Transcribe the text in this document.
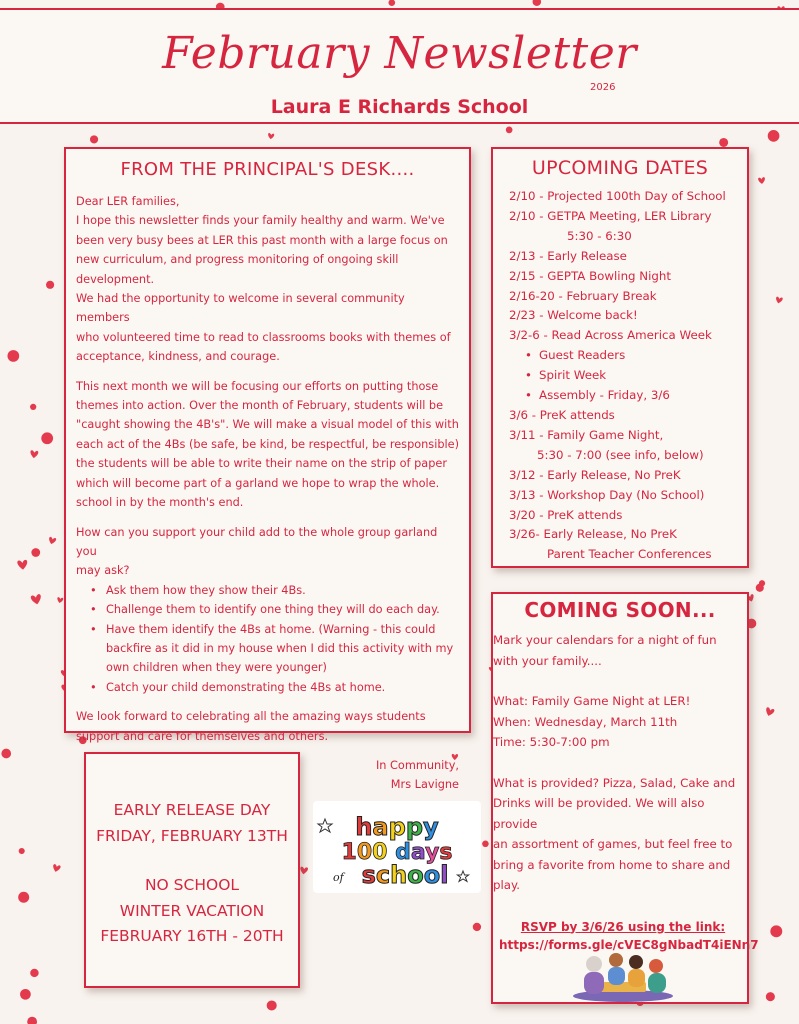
February Newsletter
2026
Laura E Richards School
FROM THE PRINCIPAL'S DESK....
Dear LER families,

I hope this newsletter finds your family healthy and warm. We've
been very busy bees at LER this past month with a large focus on
new curriculum, and progress monitoring of ongoing skill development.
We had the opportunity to welcome in several community members
who volunteered time to read to classrooms books with themes of
acceptance, kindness, and courage.

This next month we will be focusing our efforts on putting those
themes into action. Over the month of February, students will be
"caught showing the 4B's". We will make a visual model of this with
each act of the 4Bs (be safe, be kind, be respectful, be responsible)
the students will be able to write their name on the strip of paper
which will become part of a garland we hope to wrap the whole.
school in by the month's end.

How can you support your child add to the whole group garland you
may ask?
• Ask them how they show their 4Bs.
• Challenge them to identify one thing they will do each day.
• Have them identify the 4Bs at home. (Warning - this could
backfire as it did in my house when I did this activity with my
own children when they were younger)
• Catch your child demonstrating the 4Bs at home.

We look forward to celebrating all the amazing ways students
support and care for themselves and others.

In Community,
Mrs Lavigne
UPCOMING DATES
2/10 - Projected 100th Day of School
2/10 - GETPA Meeting, LER Library
5:30 - 6:30
2/13 - Early Release
2/15 - GEPTA Bowling Night
2/16-20 - February Break
2/23 - Welcome back!
3/2-6 - Read Across America Week
• Guest Readers
• Spirit Week
• Assembly - Friday, 3/6
3/6 - PreK attends
3/11 - Family Game Night,
5:30 - 7:00 (see info, below)
3/12 - Early Release, No PreK
3/13 - Workshop Day (No School)
3/20 - PreK attends
3/26- Early Release, No PreK
Parent Teacher Conferences
COMING SOON...
Mark your calendars for a night of fun
with your family....
What: Family Game Night at LER!
When: Wednesday, March 11th
Time: 5:30-7:00 pm
What is provided? Pizza, Salad, Cake and
Drinks will be provided. We will also provide
an assortment of games, but feel free to
bring a favorite from home to share and
play.
RSVP by 3/6/26 using the link:
https://forms.gle/cVEC8gNbadT4iENn7
EARLY RELEASE DAY
FRIDAY, FEBRUARY 13TH
NO SCHOOL
WINTER VACATION
FEBRUARY 16TH - 20TH
happy
100 days
of school
